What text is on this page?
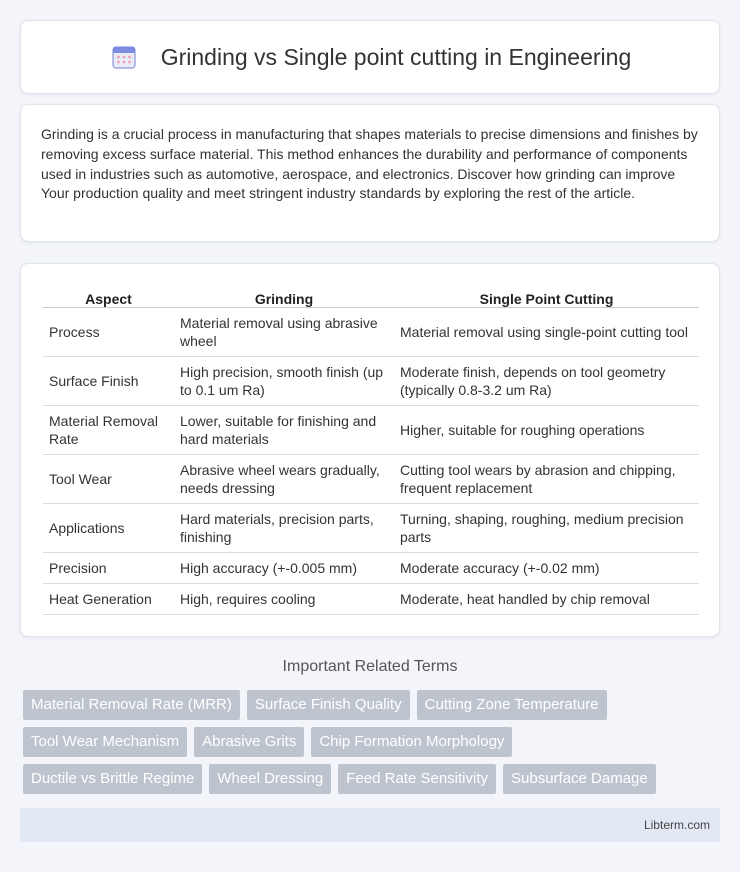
Grinding vs Single point cutting in Engineering

Grinding is a crucial process in manufacturing that shapes materials to precise dimensions and finishes by removing excess surface material. This method enhances the durability and performance of components used in industries such as automotive, aerospace, and electronics. Discover how grinding can improve Your production quality and meet stringent industry standards by exploring the rest of the article.

Aspect	Grinding	Single Point Cutting
Process	Material removal using abrasive wheel	Material removal using single-point cutting tool
Surface Finish	High precision, smooth finish (up to 0.1 um Ra)	Moderate finish, depends on tool geometry (typically 0.8-3.2 um Ra)
Material Removal Rate	Lower, suitable for finishing and hard materials	Higher, suitable for roughing operations
Tool Wear	Abrasive wheel wears gradually, needs dressing	Cutting tool wears by abrasion and chipping, frequent replacement
Applications	Hard materials, precision parts, finishing	Turning, shaping, roughing, medium precision parts
Precision	High accuracy (+-0.005 mm)	Moderate accuracy (+-0.02 mm)
Heat Generation	High, requires cooling	Moderate, heat handled by chip removal
Important Related Terms
Material Removal Rate (MRR)	Surface Finish Quality	Cutting Zone Temperature
Tool Wear Mechanism	Abrasive Grits	Chip Formation Morphology
Ductile vs Brittle Regime	Wheel Dressing	Feed Rate Sensitivity	Subsurface Damage
Libterm.com
